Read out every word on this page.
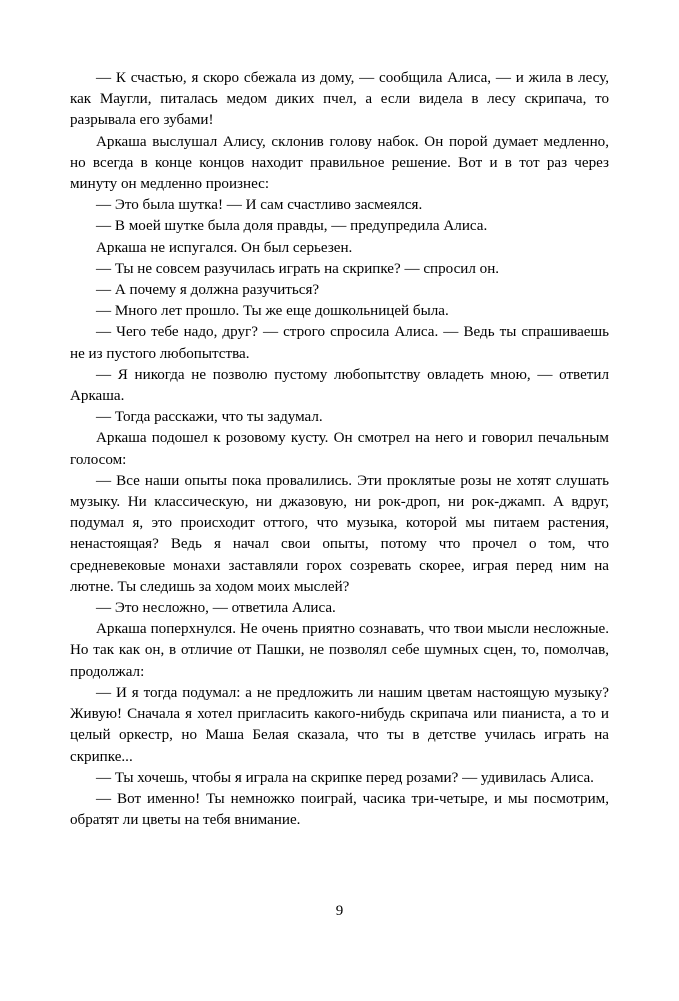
— К счастью, я скоро сбежала из дому, — сообщила Алиса, — и жила в лесу, как Маугли, питалась медом диких пчел, а если видела в лесу скрипача, то разрывала его зубами!

Аркаша выслушал Алису, склонив голову набок. Он порой думает медленно, но всегда в конце концов находит правильное решение. Вот и в тот раз через минуту он медленно произнес:

— Это была шутка! — И сам счастливо засмеялся.

— В моей шутке была доля правды, — предупредила Алиса.

Аркаша не испугался. Он был серьезен.

— Ты не совсем разучилась играть на скрипке? — спросил он.

— А почему я должна разучиться?

— Много лет прошло. Ты же еще дошкольницей была.

— Чего тебе надо, друг? — строго спросила Алиса. — Ведь ты спрашиваешь не из пустого любопытства.

— Я никогда не позволю пустому любопытству овладеть мною, — ответил Аркаша.

— Тогда расскажи, что ты задумал.

Аркаша подошел к розовому кусту. Он смотрел на него и говорил печальным голосом:

— Все наши опыты пока провалились. Эти проклятые розы не хотят слушать музыку. Ни классическую, ни джазовую, ни рок-дроп, ни рок-джамп. А вдруг, подумал я, это происходит оттого, что музыка, которой мы питаем растения, ненастоящая? Ведь я начал свои опыты, потому что прочел о том, что средневековые монахи заставляли горох созревать скорее, играя перед ним на лютне. Ты следишь за ходом моих мыслей?

— Это несложно, — ответила Алиса.

Аркаша поперхнулся. Не очень приятно сознавать, что твои мысли несложные. Но так как он, в отличие от Пашки, не позволял себе шумных сцен, то, помолчав, продолжал:

— И я тогда подумал: а не предложить ли нашим цветам настоящую музыку? Живую! Сначала я хотел пригласить какого-нибудь скрипача или пианиста, а то и целый оркестр, но Маша Белая сказала, что ты в детстве училась играть на скрипке...

— Ты хочешь, чтобы я играла на скрипке перед розами? — удивилась Алиса.

— Вот именно! Ты немножко поиграй, часика три-четыре, и мы посмотрим, обратят ли цветы на тебя внимание.

9
